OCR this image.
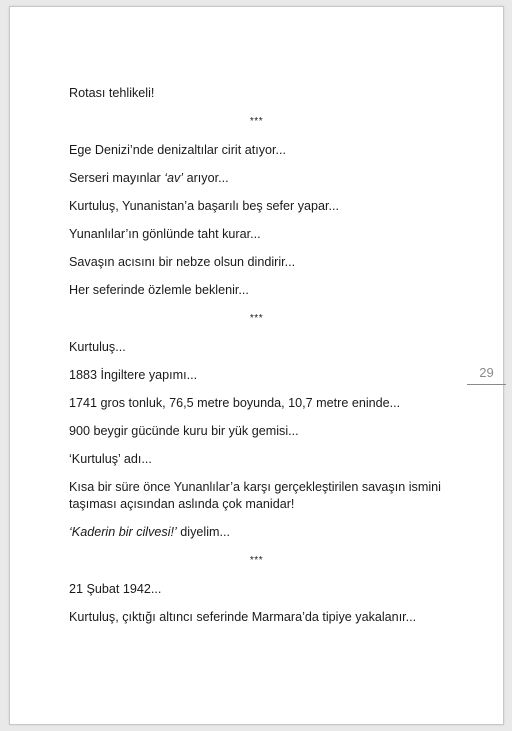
Rotası tehlikeli!

***

Ege Denizi’nde denizaltılar cirit atıyor...

Serseri mayınlar ‘av’ arıyor...

Kurtuluş, Yunanistan’a başarılı beş sefer yapar...

Yunanlılar’ın gönlünde taht kurar...

Savaşın acısını bir nebze olsun dindirir...

Her seferinde özlemle beklenir...

***

Kurtuluş...

1883 İngiltere yapımı...

1741 gros tonluk, 76,5 metre boyunda, 10,7 metre eninde...

900 beygir gücünde kuru bir yük gemisi...

‘Kurtuluş’ adı...

Kısa bir süre önce Yunanlılar’a karşı gerçekleştirilen savaşın ismini taşıması açısından aslında çok manidar!

‘Kaderin bir cilvesi!’ diyelim...

***

21 Şubat 1942...

Kurtuluş, çıktığı altıncı seferinde Marmara’da tipiye yakalanır...

29
